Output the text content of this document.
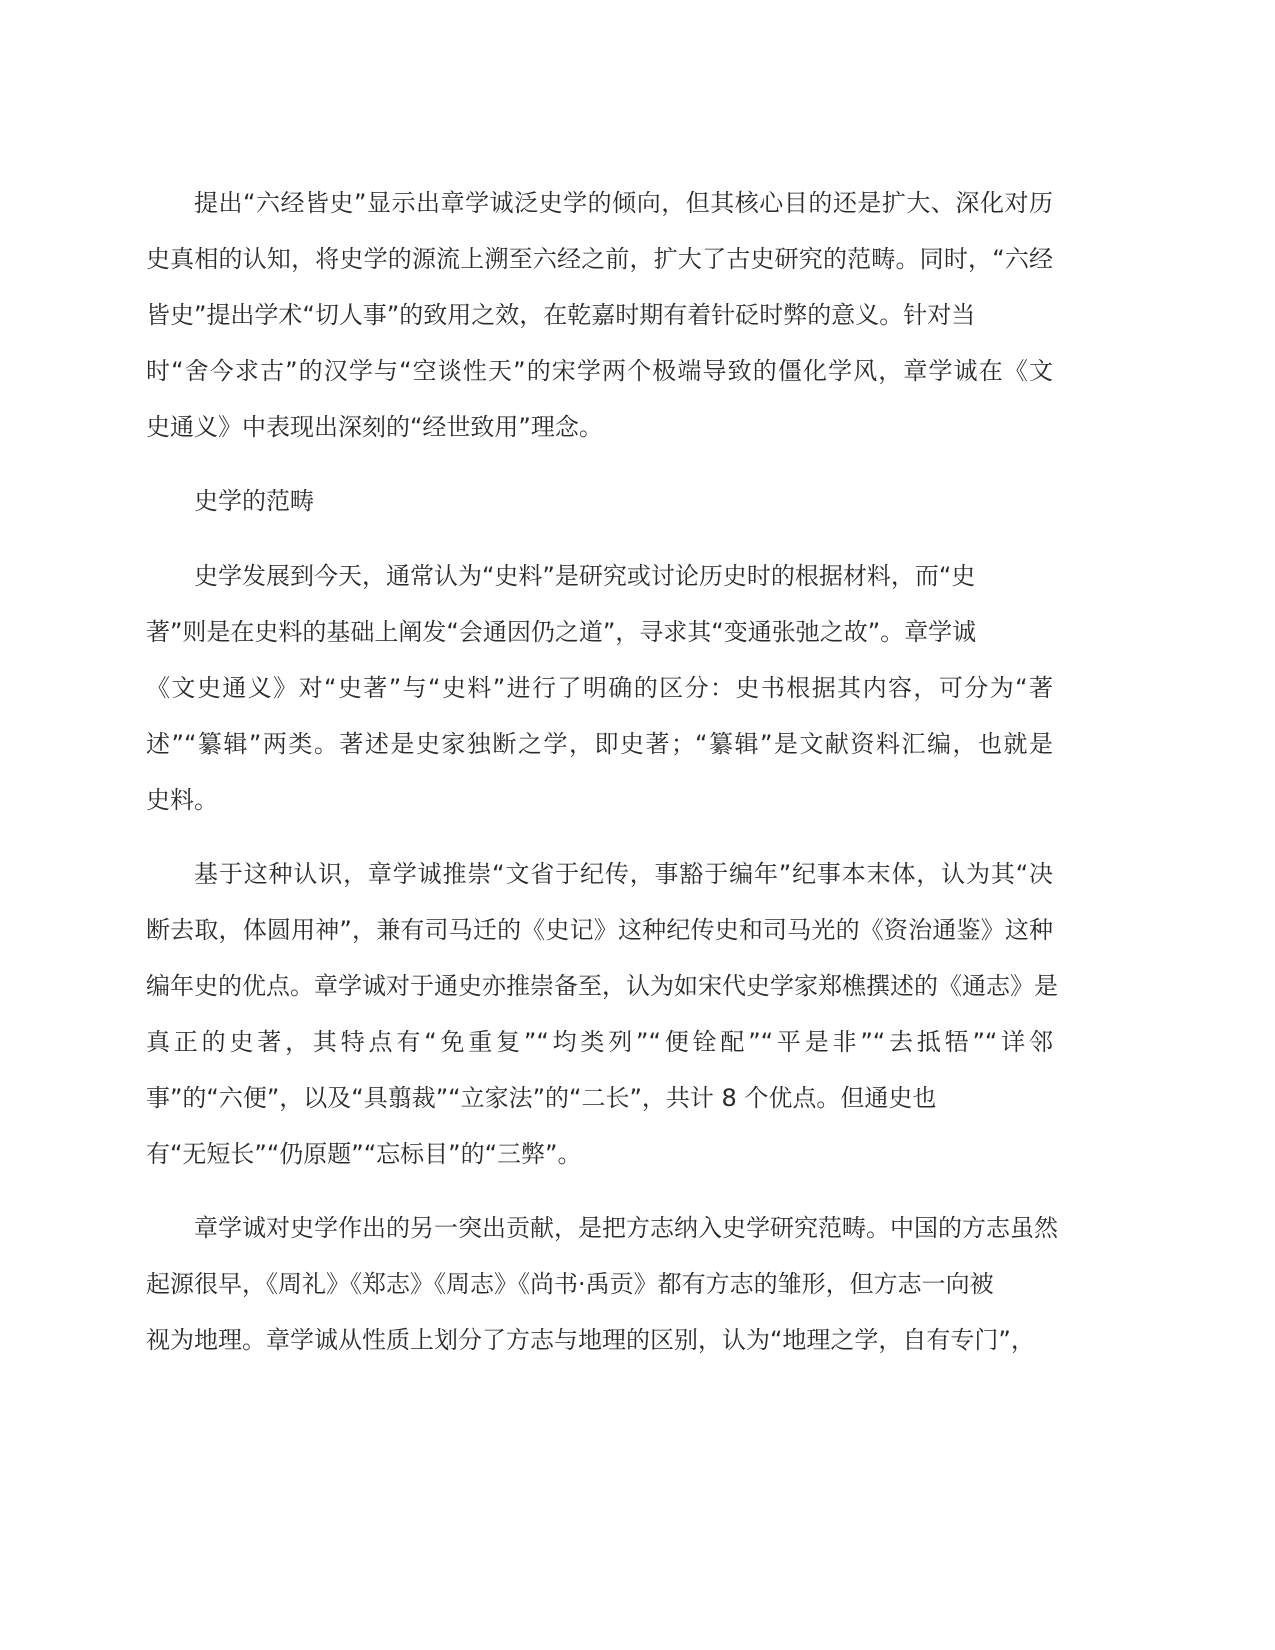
提出“六经皆史”显示出章学诚泛史学的倾向，但其核心目的还是扩大、深化对历
史真相的认知，将史学的源流上溯至六经之前，扩大了古史研究的范畴。同时，“六经
皆史”提出学术“切人事”的致用之效，在乾嘉时期有着针砭时弊的意义。针对当
时“舍今求古”的汉学与“空谈性天”的宋学两个极端导致的僵化学风，章学诚在《文
史通义》中表现出深刻的“经世致用”理念。
史学的范畴
史学发展到今天，通常认为“史料”是研究或讨论历史时的根据材料，而“史
著”则是在史料的基础上阐发“会通因仍之道”，寻求其“变通张弛之故”。章学诚
《文史通义》对“史著”与“史料”进行了明确的区分：史书根据其内容，可分为“著
述”“纂辑”两类。著述是史家独断之学，即史著；“纂辑”是文献资料汇编，也就是
史料。
基于这种认识，章学诚推崇“文省于纪传，事豁于编年”纪事本末体，认为其“决
断去取，体圆用神”，兼有司马迁的《史记》这种纪传史和司马光的《资治通鉴》这种
编年史的优点。章学诚对于通史亦推崇备至，认为如宋代史学家郑樵撰述的《通志》是
真正的史著，其特点有“免重复”“均类列”“便铨配”“平是非”“去抵牾”“详邻
事”的“六便”，以及“具翦裁”“立家法”的“二长”，共计 8 个优点。但通史也
有“无短长”“仍原题”“忘标目”的“三弊”。
章学诚对史学作出的另一突出贡献，是把方志纳入史学研究范畴。中国的方志虽然
起源很早，《周礼》《郑志》《周志》《尚书·禹贡》都有方志的雏形，但方志一向被
视为地理。章学诚从性质上划分了方志与地理的区别，认为“地理之学，自有专门”，
